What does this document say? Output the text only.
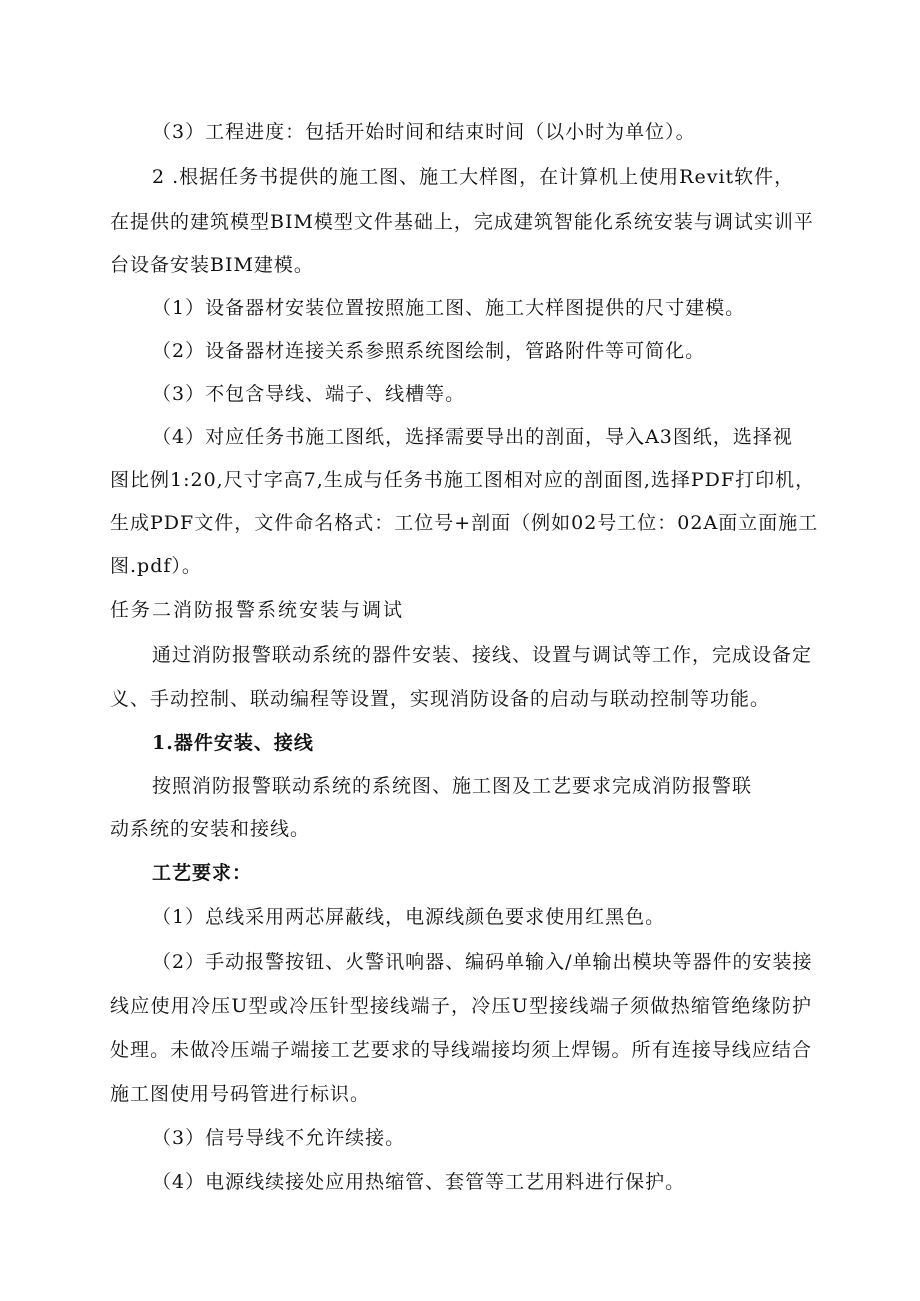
（3）工程进度：包括开始时间和结束时间（以小时为单位）。
2 .根据任务书提供的施工图、施工大样图，在计算机上使用Revit软件，
在提供的建筑模型BIM模型文件基础上，完成建筑智能化系统安装与调试实训平
台设备安装BIM建模。
（1）设备器材安装位置按照施工图、施工大样图提供的尺寸建模。
（2）设备器材连接关系参照系统图绘制，管路附件等可简化。
（3）不包含导线、端子、线槽等。
（4）对应任务书施工图纸，选择需要导出的剖面，导入A3图纸，选择视
图比例1:20,尺寸字高7,生成与任务书施工图相对应的剖面图,选择PDF打印机，
生成PDF文件，文件命名格式：工位号+剖面（例如02号工位：02A面立面施工
图.pdf）。
任务二消防报警系统安装与调试
通过消防报警联动系统的器件安装、接线、设置与调试等工作，完成设备定
义、手动控制、联动编程等设置，实现消防设备的启动与联动控制等功能。
1.器件安装、接线
按照消防报警联动系统的系统图、施工图及工艺要求完成消防报警联
动系统的安装和接线。
工艺要求：
（1）总线采用两芯屏蔽线，电源线颜色要求使用红黑色。
（2）手动报警按钮、火警讯响器、编码单输入/单输出模块等器件的安装接
线应使用冷压U型或冷压针型接线端子，冷压U型接线端子须做热缩管绝缘防护
处理。未做冷压端子端接工艺要求的导线端接均须上焊锡。所有连接导线应结合
施工图使用号码管进行标识。
（3）信号导线不允许续接。
（4）电源线续接处应用热缩管、套管等工艺用料进行保护。
